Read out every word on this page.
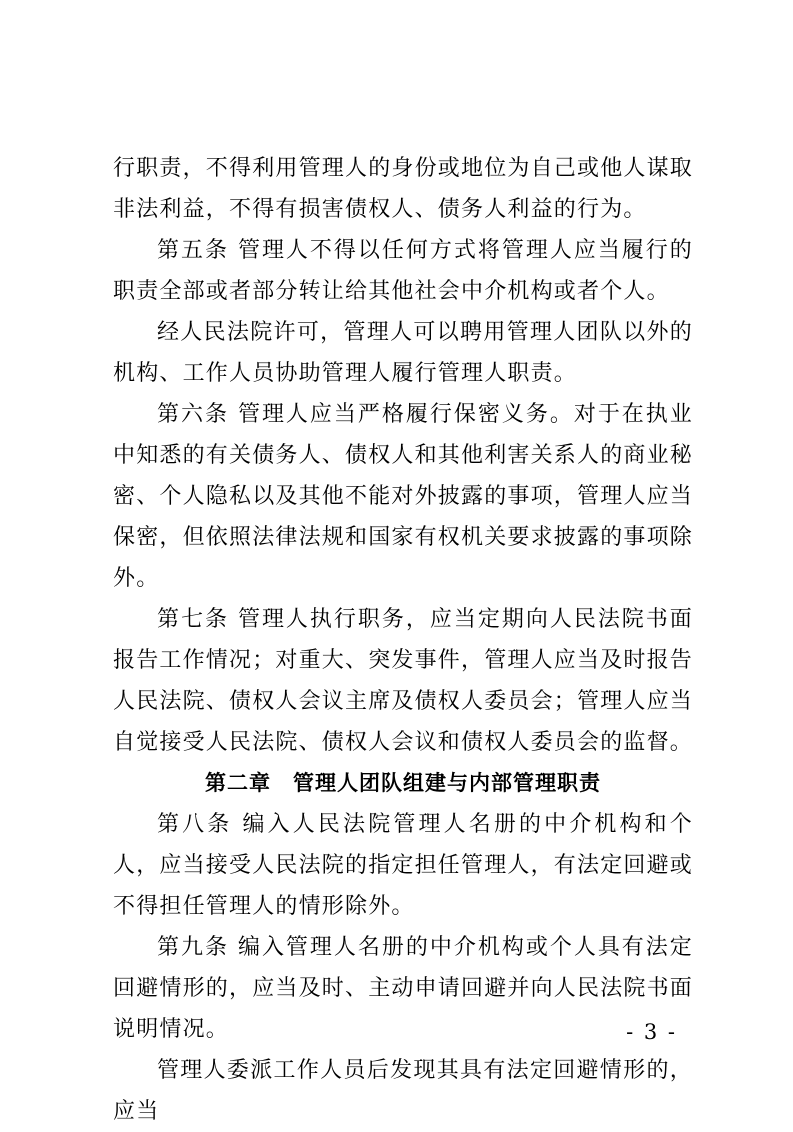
行职责，不得利用管理人的身份或地位为自己或他人谋取非法利益，不得有损害债权人、债务人利益的行为。

第五条 管理人不得以任何方式将管理人应当履行的职责全部或者部分转让给其他社会中介机构或者个人。

经人民法院许可，管理人可以聘用管理人团队以外的机构、工作人员协助管理人履行管理人职责。

第六条 管理人应当严格履行保密义务。对于在执业中知悉的有关债务人、债权人和其他利害关系人的商业秘密、个人隐私以及其他不能对外披露的事项，管理人应当保密，但依照法律法规和国家有权机关要求披露的事项除外。

第七条 管理人执行职务，应当定期向人民法院书面报告工作情况；对重大、突发事件，管理人应当及时报告人民法院、债权人会议主席及债权人委员会；管理人应当自觉接受人民法院、债权人会议和债权人委员会的监督。

第二章　管理人团队组建与内部管理职责

第八条 编入人民法院管理人名册的中介机构和个人，应当接受人民法院的指定担任管理人，有法定回避或不得担任管理人的情形除外。

第九条 编入管理人名册的中介机构或个人具有法定回避情形的，应当及时、主动申请回避并向人民法院书面说明情况。

管理人委派工作人员后发现其具有法定回避情形的，应当

- 3 -
